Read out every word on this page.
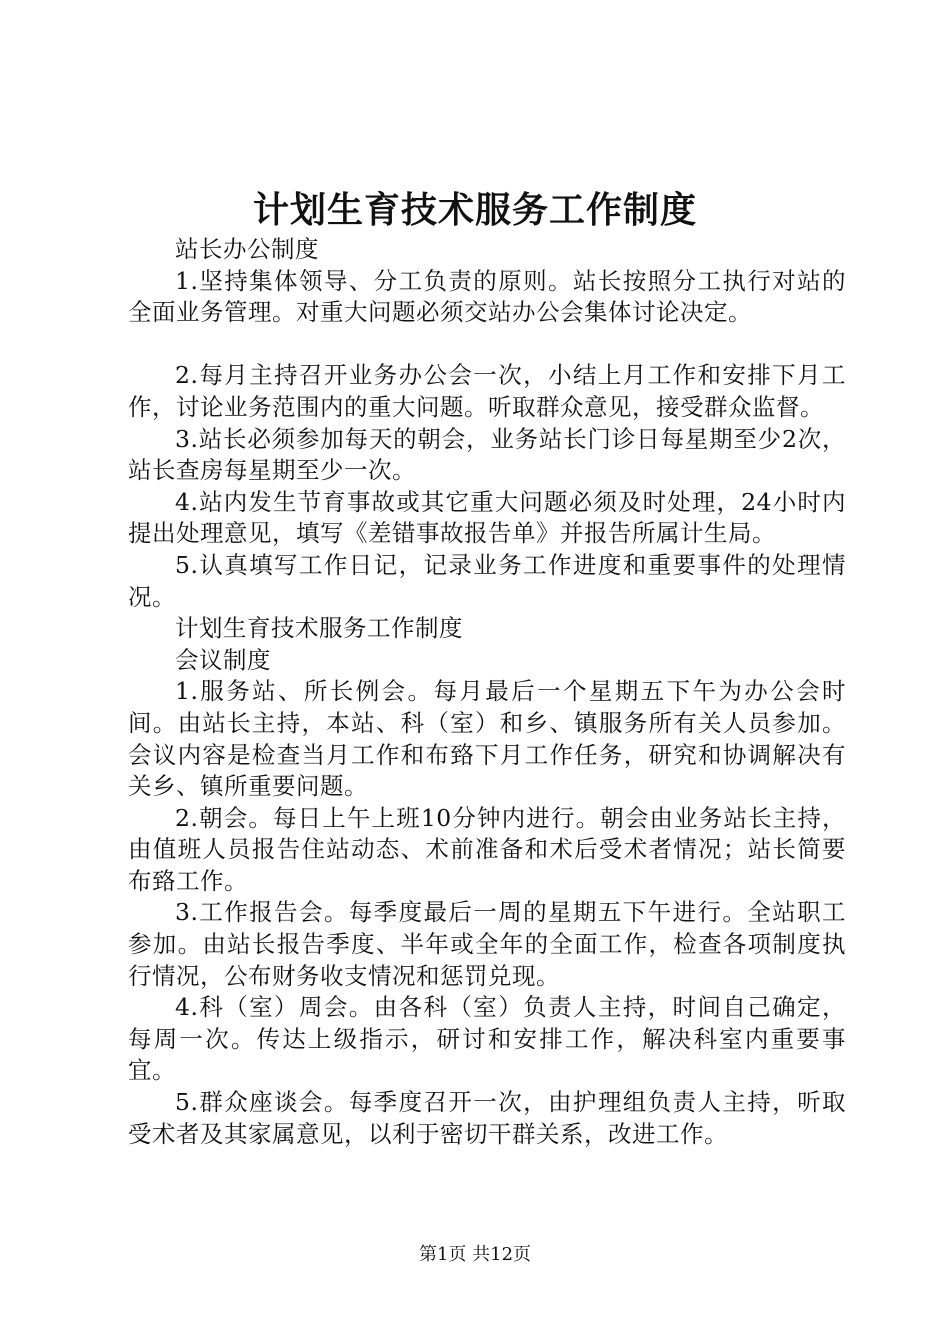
计划生育技术服务工作制度

站长办公制度

1.坚持集体领导、分工负责的原则。站长按照分工执行对站的全面业务管理。对重大问题必须交站办公会集体讨论决定。

2.每月主持召开业务办公会一次，小结上月工作和安排下月工作，讨论业务范围内的重大问题。听取群众意见，接受群众监督。

3.站长必须参加每天的朝会，业务站长门诊日每星期至少2次，站长查房每星期至少一次。

4.站内发生节育事故或其它重大问题必须及时处理，24小时内提出处理意见，填写《差错事故报告单》并报告所属计生局。

5.认真填写工作日记，记录业务工作进度和重要事件的处理情况。

计划生育技术服务工作制度

会议制度

1.服务站、所长例会。每月最后一个星期五下午为办公会时间。由站长主持，本站、科（室）和乡、镇服务所有关人员参加。会议内容是检查当月工作和布臵下月工作任务，研究和协调解决有关乡、镇所重要问题。

2.朝会。每日上午上班10分钟内进行。朝会由业务站长主持，由值班人员报告住站动态、术前准备和术后受术者情况；站长简要布臵工作。

3.工作报告会。每季度最后一周的星期五下午进行。全站职工参加。由站长报告季度、半年或全年的全面工作，检查各项制度执行情况，公布财务收支情况和惩罚兑现。

4.科（室）周会。由各科（室）负责人主持，时间自己确定，每周一次。传达上级指示，研讨和安排工作，解决科室内重要事宜。

5.群众座谈会。每季度召开一次，由护理组负责人主持，听取受术者及其家属意见，以利于密切干群关系，改进工作。

第1页 共12页
